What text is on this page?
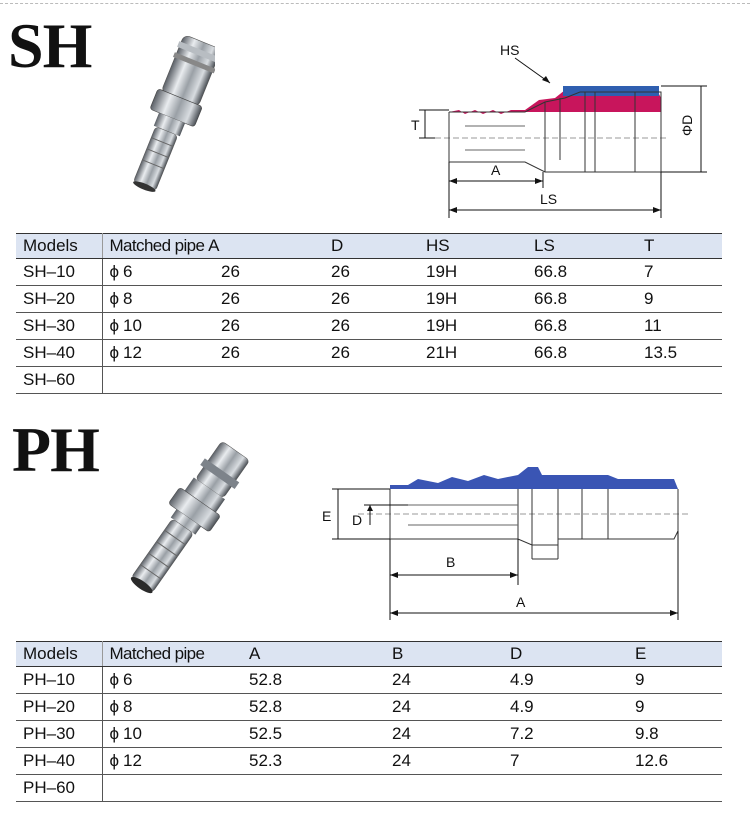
SH	HS
T	ΦD
A
LS
Models	Matched pipe A		D	HS	LS	T
SH–10	ϕ 6	26	26	19H	66.8	7
SH–20	ϕ 8	26	26	19H	66.8	9
SH–30	ϕ 10	26	26	19H	66.8	11
SH–40	ϕ 12	26	26	21H	66.8	13.5
SH–60						
PH
E D
B
A
Models	Matched pipe	A	B	D	E
PH–10	ϕ 6	52.8	24	4.9	9
PH–20	ϕ 8	52.8	24	4.9	9
PH–30	ϕ 10	52.5	24	7.2	9.8
PH–40	ϕ 12	52.3	24	7	12.6
PH–60					
